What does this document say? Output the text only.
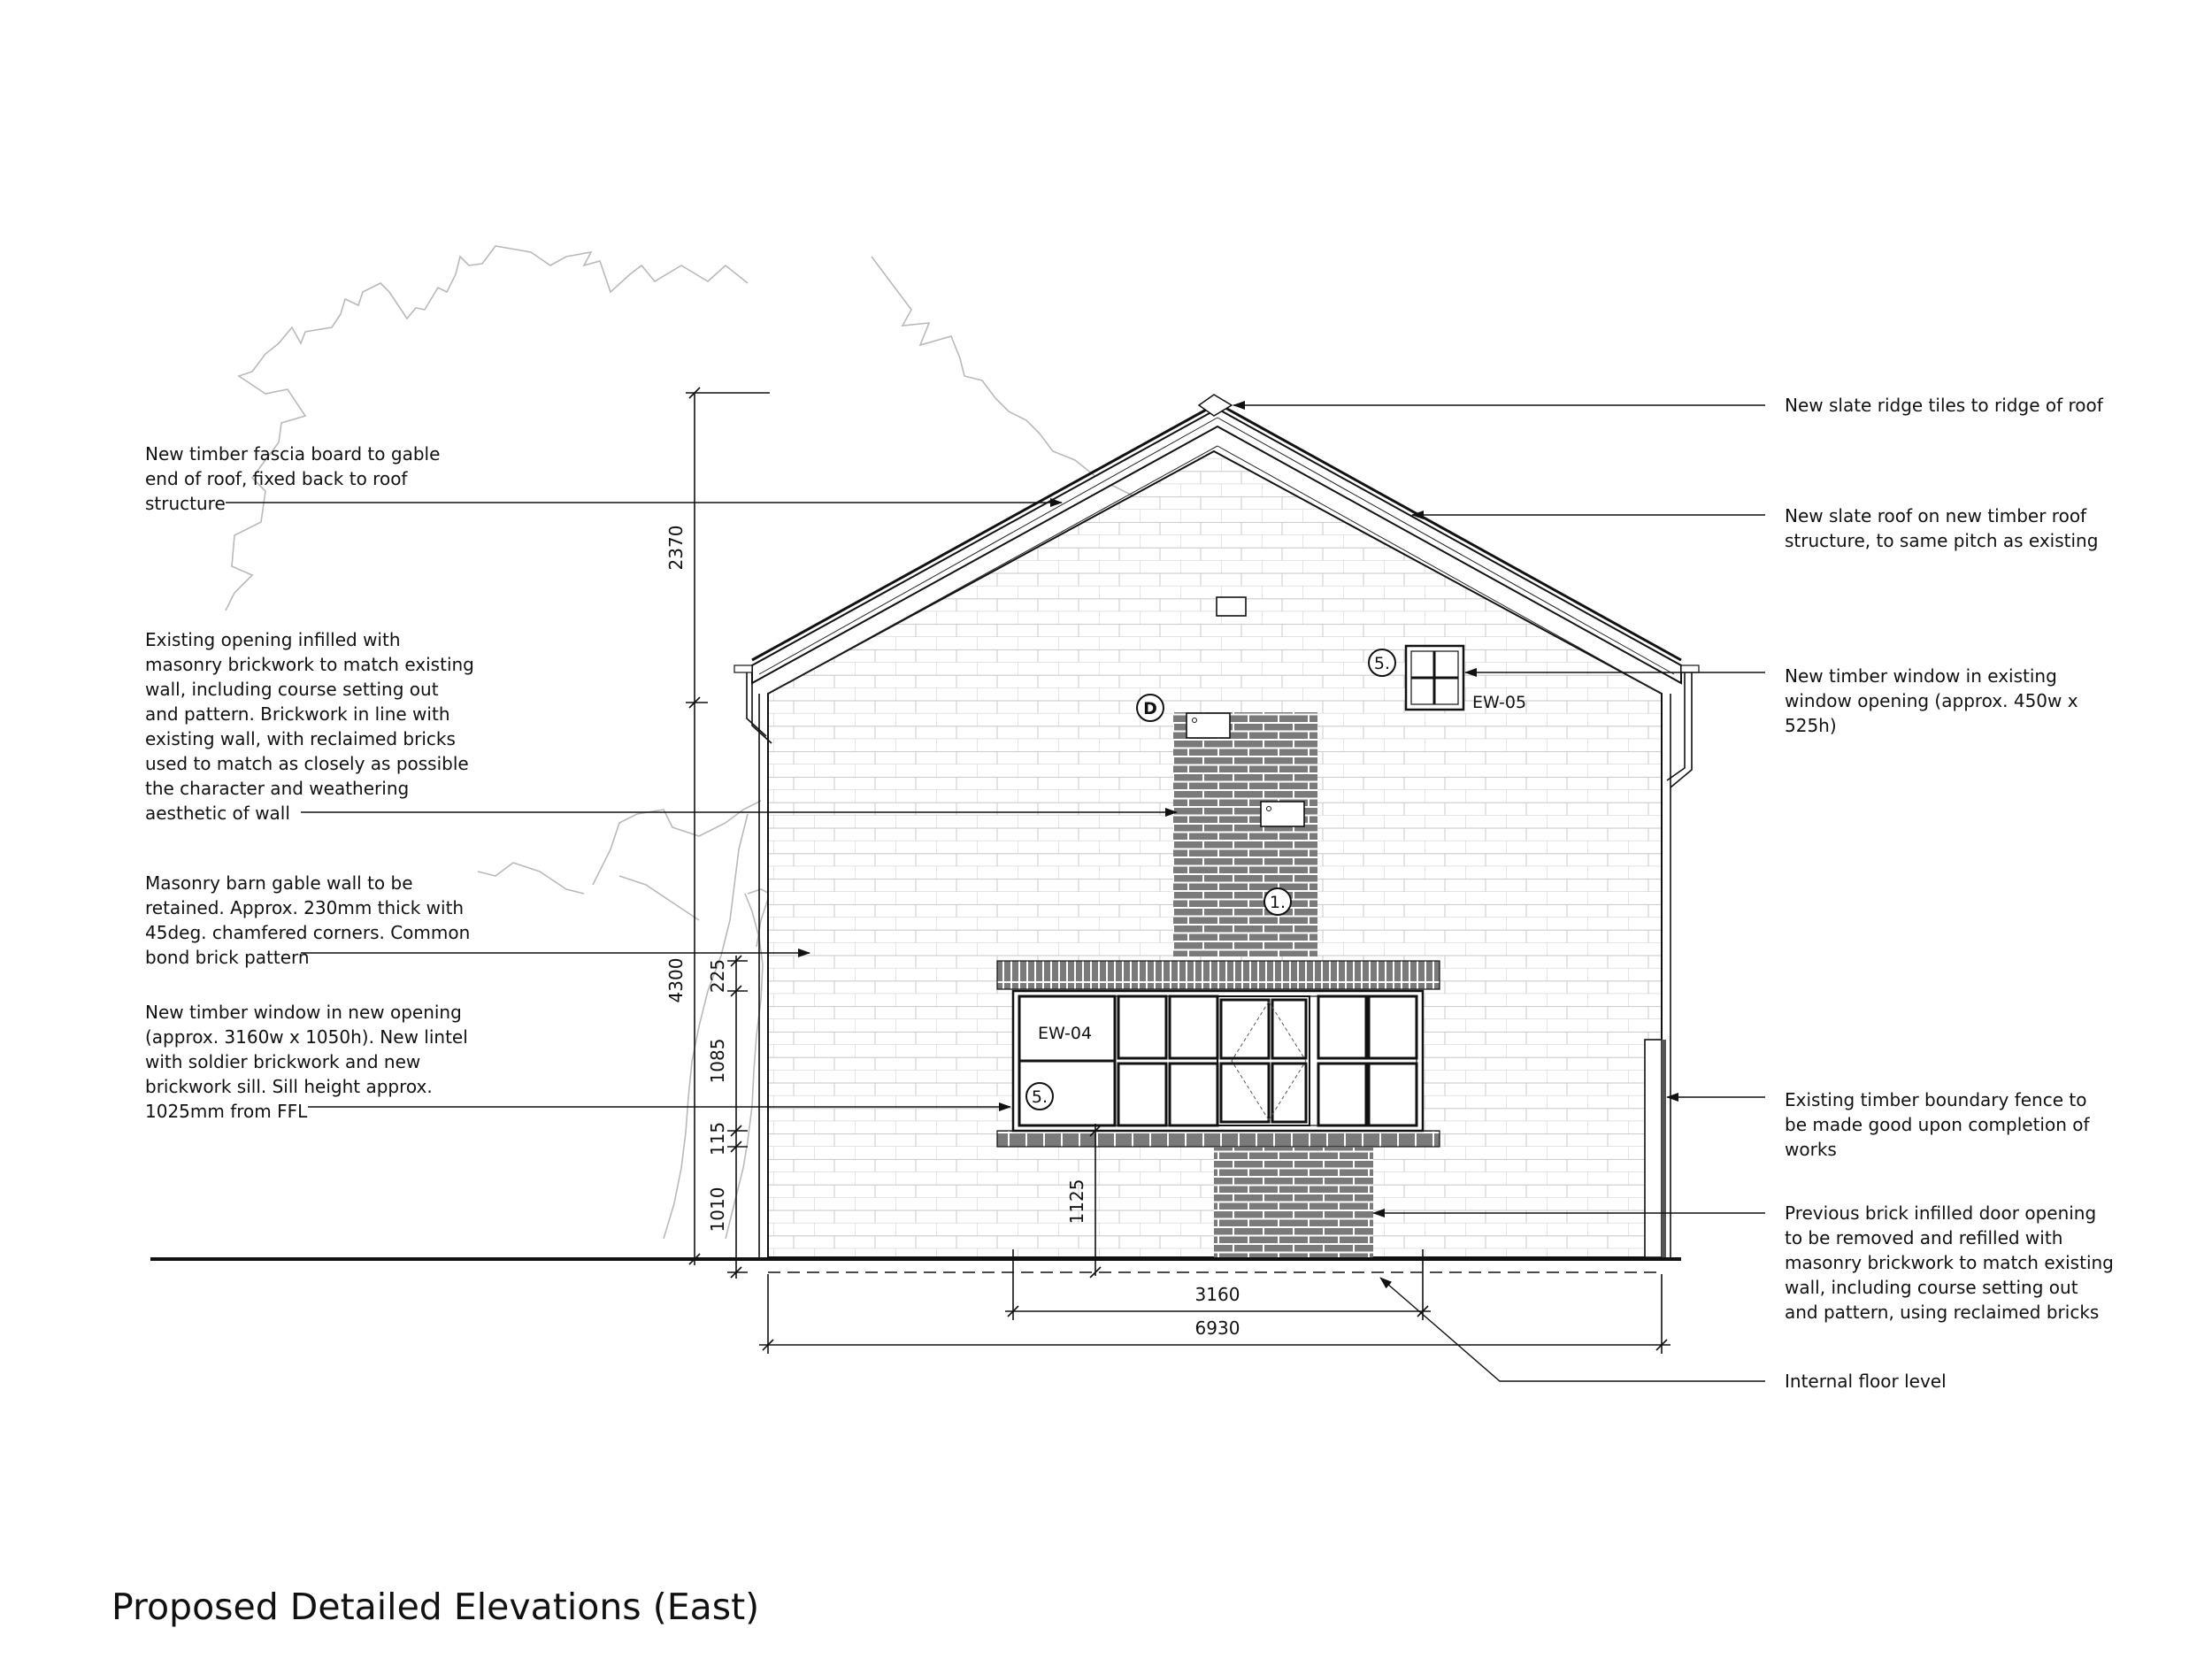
D
1.
5.
5.
EW-05
EW-04
2370
4300 225
1085
115
1010	1125
3160
6930
New timber fascia board to gable
end of roof, fixed back to roof
structure
Existing opening infilled with
masonry brickwork to match existing
wall, including course setting out
and pattern. Brickwork in line with
existing wall, with reclaimed bricks
used to match as closely as possible
the character and weathering
aesthetic of wall
Masonry barn gable wall to be
retained. Approx. 230mm thick with
45deg. chamfered corners. Common
bond brick pattern
New timber window in new opening
(approx. 3160w x 1050h). New lintel
with soldier brickwork and new
brickwork sill. Sill height approx.
1025mm from FFL
New slate ridge tiles to ridge of roof
New slate roof on new timber roof
structure, to same pitch as existing
New timber window in existing
window opening (approx. 450w x
525h)
Existing timber boundary fence to
be made good upon completion of
works
Previous brick infilled door opening
to be removed and refilled with
masonry brickwork to match existing
wall, including course setting out
and pattern, using reclaimed bricks
Internal floor level
Proposed Detailed Elevations (East)
